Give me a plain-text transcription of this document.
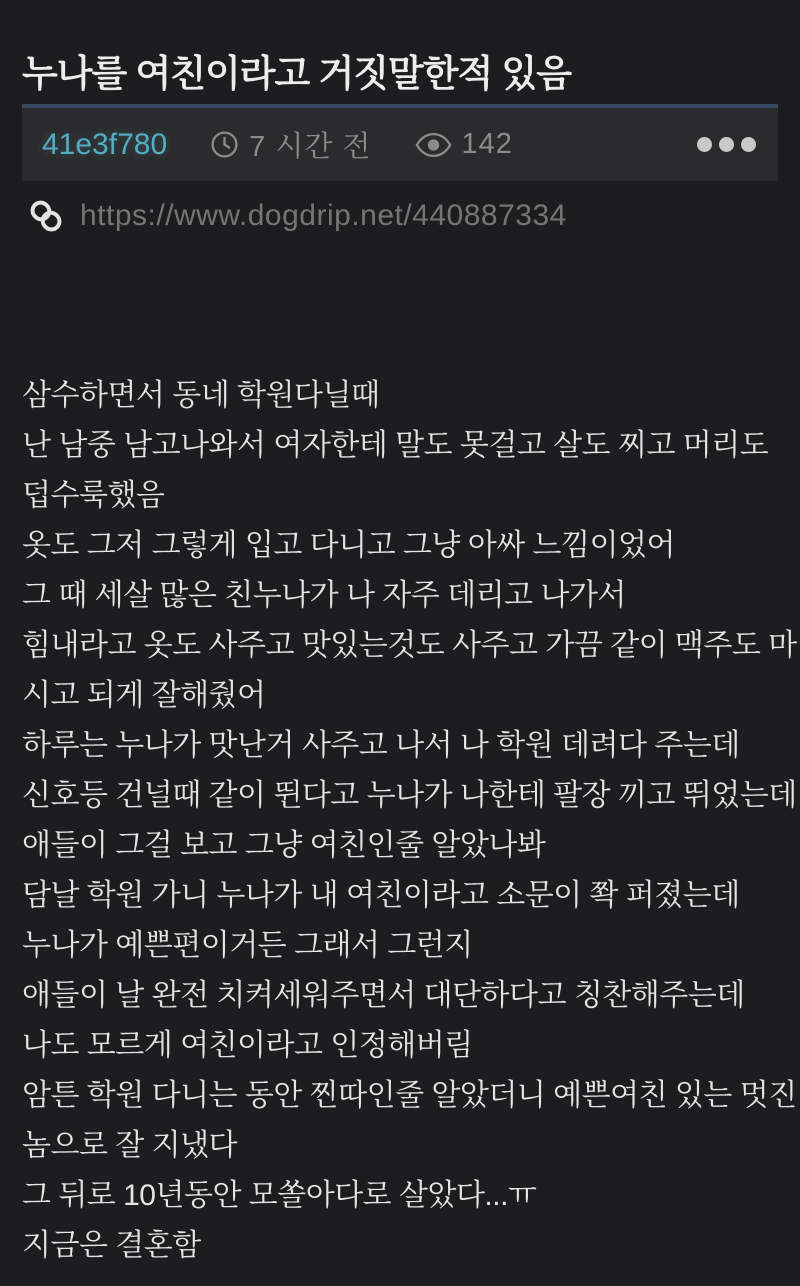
누나를 여친이라고 거짓말한적 있음
41e3f780	7 시간 전	142
https://www.dogdrip.net/440887334
삼수하면서 동네 학원다닐때
난 남중 남고나와서 여자한테 말도 못걸고 살도 찌고 머리도
덥수룩했음
옷도 그저 그렇게 입고 다니고 그냥 아싸 느낌이었어
그 때 세살 많은 친누나가 나 자주 데리고 나가서
힘내라고 옷도 사주고 맛있는것도 사주고 가끔 같이 맥주도 마
시고 되게 잘해줬어
하루는 누나가 맛난거 사주고 나서 나 학원 데려다 주는데
신호등 건널때 같이 뛴다고 누나가 나한테 팔장 끼고 뛰었는데
애들이 그걸 보고 그냥 여친인줄 알았나봐
담날 학원 가니 누나가 내 여친이라고 소문이 쫙 퍼졌는데
누나가 예쁜편이거든 그래서 그런지
애들이 날 완전 치켜세워주면서 대단하다고 칭찬해주는데
나도 모르게 여친이라고 인정해버림
암튼 학원 다니는 동안 찐따인줄 알았더니 예쁜여친 있는 멋진
놈으로 잘 지냈다
그 뒤로 10년동안 모쏠아다로 살았다...ㅠ
지금은 결혼함
